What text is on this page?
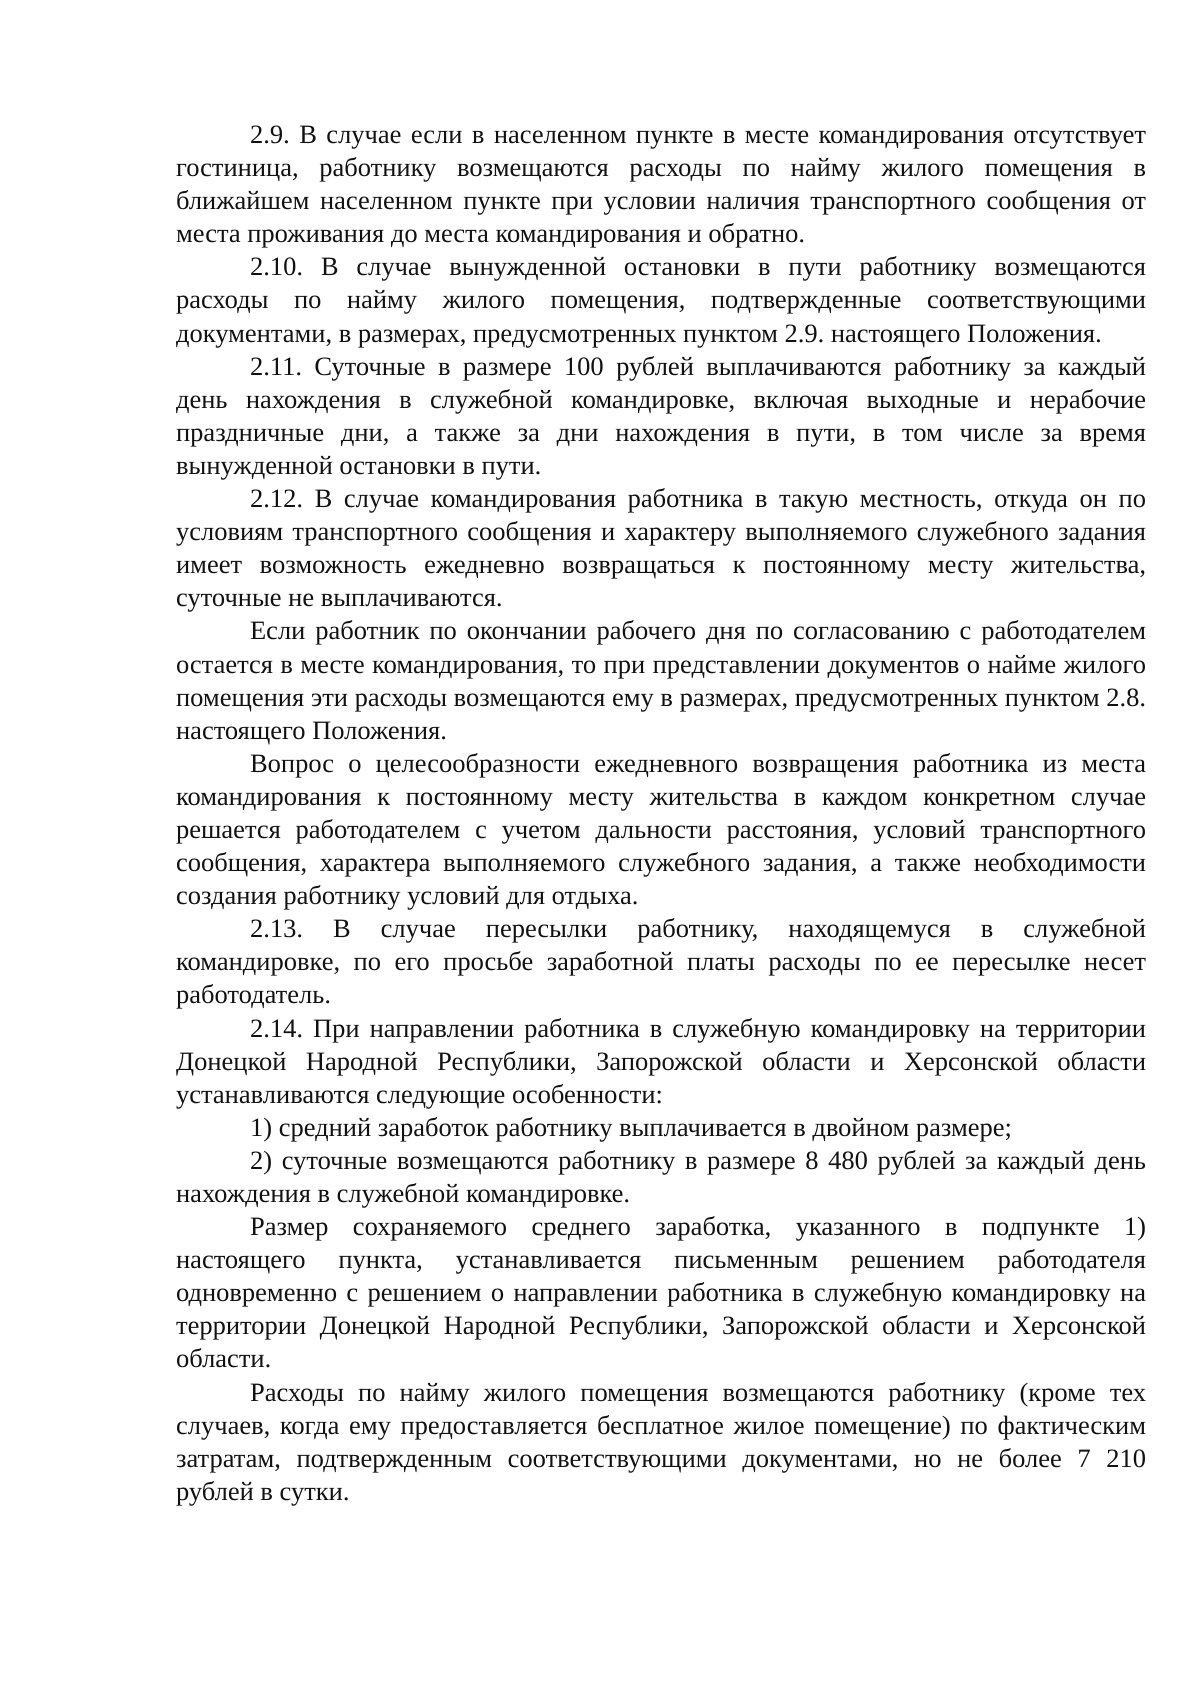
2.9. В случае если в населенном пункте в месте командирования отсутствует гостиница, работнику возмещаются расходы по найму жилого помещения в ближайшем населенном пункте при условии наличия транспортного сообщения от места проживания до места командирования и обратно.

2.10. В случае вынужденной остановки в пути работнику возмещаются расходы по найму жилого помещения, подтвержденные соответствующими документами, в размерах, предусмотренных пунктом 2.9. настоящего Положения.

2.11. Суточные в размере 100 рублей выплачиваются работнику за каждый день нахождения в служебной командировке, включая выходные и нерабочие праздничные дни, а также за дни нахождения в пути, в том числе за время вынужденной остановки в пути.

2.12. В случае командирования работника в такую местность, откуда он по условиям транспортного сообщения и характеру выполняемого служебного задания имеет возможность ежедневно возвращаться к постоянному месту жительства, суточные не выплачиваются.

Если работник по окончании рабочего дня по согласованию с работодателем остается в месте командирования, то при представлении документов о найме жилого помещения эти расходы возмещаются ему в размерах, предусмотренных пунктом 2.8. настоящего Положения.

Вопрос о целесообразности ежедневного возвращения работника из места командирования к постоянному месту жительства в каждом конкретном случае решается работодателем с учетом дальности расстояния, условий транспортного сообщения, характера выполняемого служебного задания, а также необходимости создания работнику условий для отдыха.

2.13. В случае пересылки работнику, находящемуся в служебной командировке, по его просьбе заработной платы расходы по ее пересылке несет работодатель.

2.14. При направлении работника в служебную командировку на территории Донецкой Народной Республики, Запорожской области и Херсонской области устанавливаются следующие особенности:

1) средний заработок работнику выплачивается в двойном размере;

2) суточные возмещаются работнику в размере 8 480 рублей за каждый день нахождения в служебной командировке.

Размер сохраняемого среднего заработка, указанного в подпункте 1) настоящего пункта, устанавливается письменным решением работодателя одновременно с решением о направлении работника в служебную командировку на территории Донецкой Народной Республики, Запорожской области и Херсонской области.

Расходы по найму жилого помещения возмещаются работнику (кроме тех случаев, когда ему предоставляется бесплатное жилое помещение) по фактическим затратам, подтвержденным соответствующими документами, но не более 7 210 рублей в сутки.
